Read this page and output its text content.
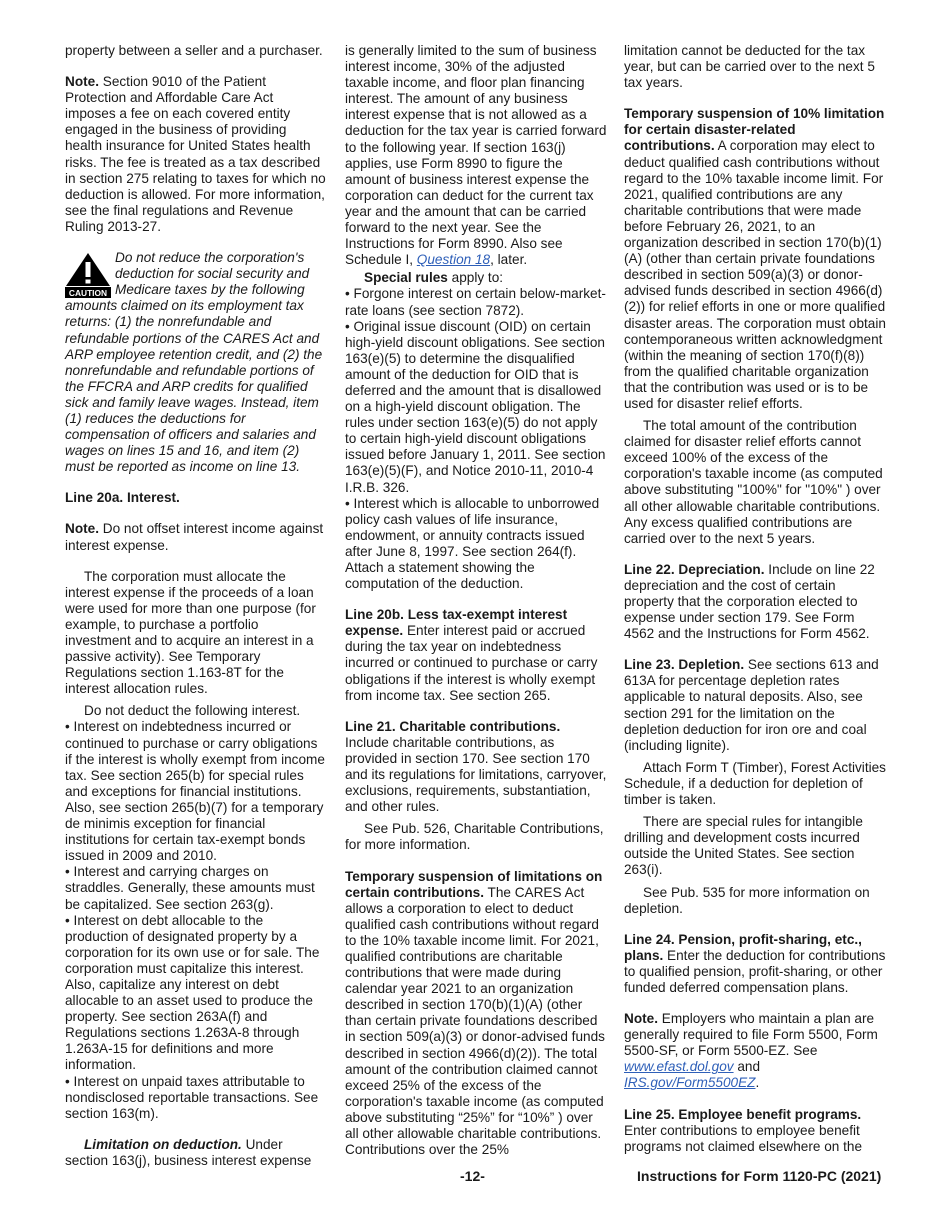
property between a seller and a purchaser.

Note. Section 9010 of the Patient Protection and Affordable Care Act imposes a fee on each covered entity engaged in the business of providing health insurance for United States health risks. The fee is treated as a tax described in section 275 relating to taxes for which no deduction is allowed. For more information, see the final regulations and Revenue Ruling 2013-27.

CAUTION
Do not reduce the corporation's deduction for social security and Medicare taxes by the following amounts claimed on its employment tax returns: (1) the nonrefundable and refundable portions of the CARES Act and ARP employee retention credit, and (2) the nonrefundable and refundable portions of the FFCRA and ARP credits for qualified sick and family leave wages. Instead, item (1) reduces the deductions for compensation of officers and salaries and wages on lines 15 and 16, and item (2) must be reported as income on line 13.

Line 20a. Interest.

Note. Do not offset interest income against interest expense.

The corporation must allocate the interest expense if the proceeds of a loan were used for more than one purpose (for example, to purchase a portfolio investment and to acquire an interest in a passive activity). See Temporary Regulations section 1.163-8T for the interest allocation rules.

Do not deduct the following interest.

• Interest on indebtedness incurred or continued to purchase or carry obligations if the interest is wholly exempt from income tax. See section 265(b) for special rules and exceptions for financial institutions. Also, see section 265(b)(7) for a temporary de minimis exception for financial institutions for certain tax-exempt bonds issued in 2009 and 2010.

• Interest and carrying charges on straddles. Generally, these amounts must be capitalized. See section 263(g).

• Interest on debt allocable to the production of designated property by a corporation for its own use or for sale. The corporation must capitalize this interest. Also, capitalize any interest on debt allocable to an asset used to produce the property. See section 263A(f) and Regulations sections 1.263A-8 through 1.263A-15 for definitions and more information.

• Interest on unpaid taxes attributable to nondisclosed reportable transactions. See section 163(m).

Limitation on deduction. Under section 163(j), business interest expense

is generally limited to the sum of business interest income, 30% of the adjusted taxable income, and floor plan financing interest. The amount of any business interest expense that is not allowed as a deduction for the tax year is carried forward to the following year. If section 163(j) applies, use Form 8990 to figure the amount of business interest expense the corporation can deduct for the current tax year and the amount that can be carried forward to the next year. See the Instructions for Form 8990. Also see Schedule I, Question 18, later.

Special rules apply to:

• Forgone interest on certain below-market-rate loans (see section 7872).

• Original issue discount (OID) on certain high-yield discount obligations. See section 163(e)(5) to determine the disqualified amount of the deduction for OID that is deferred and the amount that is disallowed on a high-yield discount obligation. The rules under section 163(e)(5) do not apply to certain high-yield discount obligations issued before January 1, 2011. See section 163(e)(5)(F), and Notice 2010-11, 2010-4 I.R.B. 326.

• Interest which is allocable to unborrowed policy cash values of life insurance, endowment, or annuity contracts issued after June 8, 1997. See section 264(f). Attach a statement showing the computation of the deduction.

Line 20b. Less tax-exempt interest expense. Enter interest paid or accrued during the tax year on indebtedness incurred or continued to purchase or carry obligations if the interest is wholly exempt from income tax. See section 265.

Line 21. Charitable contributions. Include charitable contributions, as provided in section 170. See section 170 and its regulations for limitations, carryover, exclusions, requirements, substantiation, and other rules.

See Pub. 526, Charitable Contributions, for more information.

Temporary suspension of limitations on certain contributions. The CARES Act allows a corporation to elect to deduct qualified cash contributions without regard to the 10% taxable income limit. For 2021, qualified contributions are charitable contributions that were made during calendar year 2021 to an organization described in section 170(b)(1)(A) (other than certain private foundations described in section 509(a)(3) or donor-advised funds described in section 4966(d)(2)). The total amount of the contribution claimed cannot exceed 25% of the excess of the corporation's taxable income (as computed above substituting “25%” for “10%” ) over all other allowable charitable contributions. Contributions over the 25%

limitation cannot be deducted for the tax year, but can be carried over to the next 5 tax years.

Temporary suspension of 10% limitation for certain disaster-related contributions. A corporation may elect to deduct qualified cash contributions without regard to the 10% taxable income limit. For 2021, qualified contributions are any charitable contributions that were made before February 26, 2021, to an organization described in section 170(b)(1)(A) (other than certain private foundations described in section 509(a)(3) or donor-advised funds described in section 4966(d)(2)) for relief efforts in one or more qualified disaster areas. The corporation must obtain contemporaneous written acknowledgment (within the meaning of section 170(f)(8)) from the qualified charitable organization that the contribution was used or is to be used for disaster relief efforts.

The total amount of the contribution claimed for disaster relief efforts cannot exceed 100% of the excess of the corporation's taxable income (as computed above substituting "100%" for "10%" ) over all other allowable charitable contributions. Any excess qualified contributions are carried over to the next 5 years.

Line 22. Depreciation. Include on line 22 depreciation and the cost of certain property that the corporation elected to expense under section 179. See Form 4562 and the Instructions for Form 4562.

Line 23. Depletion. See sections 613 and 613A for percentage depletion rates applicable to natural deposits. Also, see section 291 for the limitation on the depletion deduction for iron ore and coal (including lignite).

Attach Form T (Timber), Forest Activities Schedule, if a deduction for depletion of timber is taken.

There are special rules for intangible drilling and development costs incurred outside the United States. See section 263(i).

See Pub. 535 for more information on depletion.

Line 24. Pension, profit-sharing, etc., plans. Enter the deduction for contributions to qualified pension, profit-sharing, or other funded deferred compensation plans.

Note. Employers who maintain a plan are generally required to file Form 5500, Form 5500-SF, or Form 5500-EZ. See www.efast.dol.gov and IRS.gov/Form5500EZ.

Line 25. Employee benefit programs. Enter contributions to employee benefit programs not claimed elsewhere on the

-12-	Instructions for Form 1120-PC (2021)
